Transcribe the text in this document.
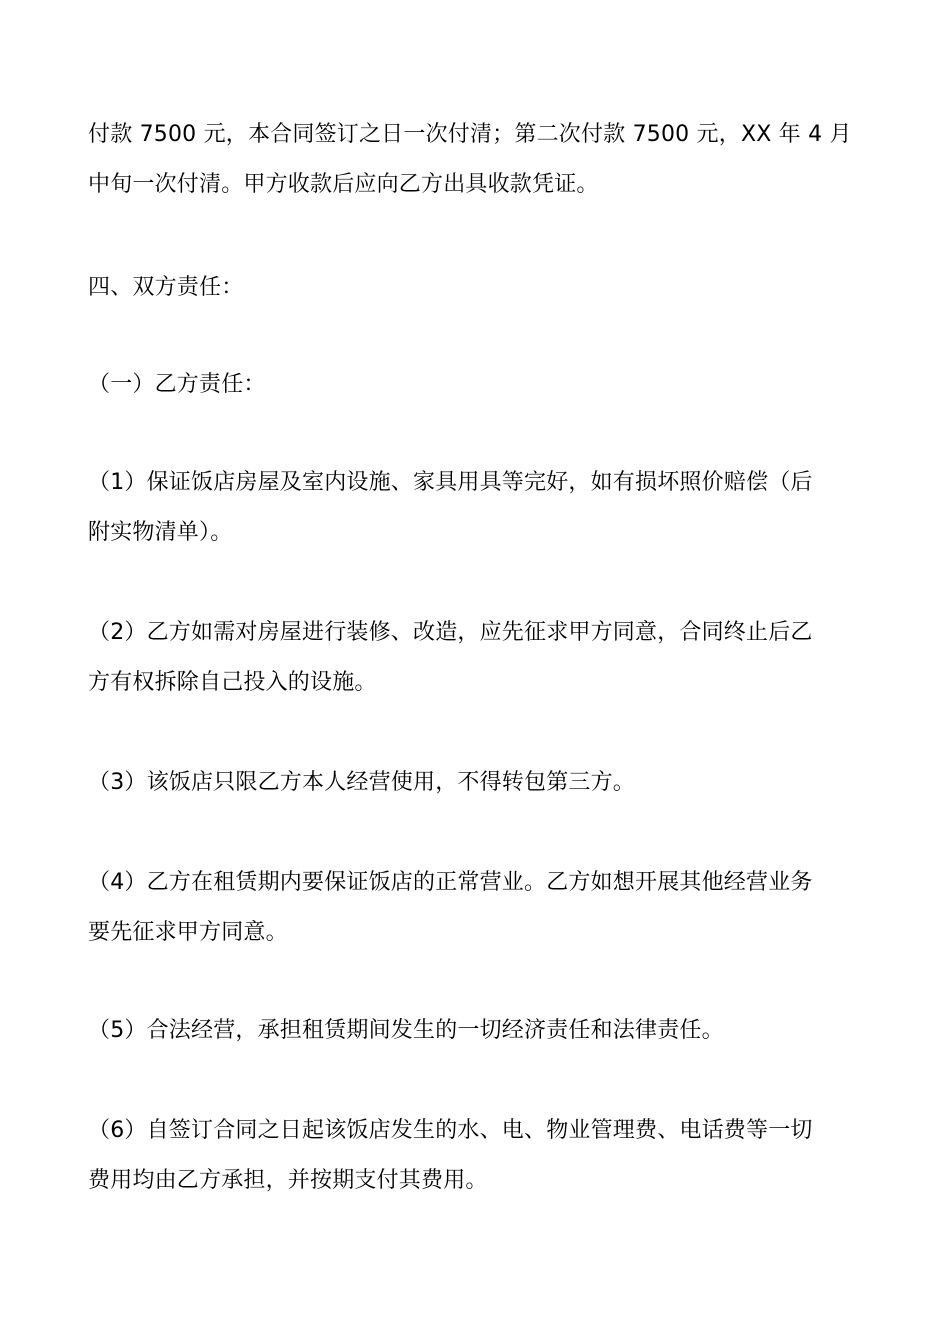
付款 7500 元，本合同签订之日一次付清；第二次付款 7500 元，XX 年 4 月
中旬一次付清。甲方收款后应向乙方出具收款凭证。
四、双方责任：
（一）乙方责任：
（1）保证饭店房屋及室内设施、家具用具等完好，如有损坏照价赔偿（后
附实物清单）。
（2）乙方如需对房屋进行装修、改造，应先征求甲方同意，合同终止后乙
方有权拆除自己投入的设施。
（3）该饭店只限乙方本人经营使用，不得转包第三方。
（4）乙方在租赁期内要保证饭店的正常营业。乙方如想开展其他经营业务
要先征求甲方同意。
（5）合法经营，承担租赁期间发生的一切经济责任和法律责任。
（6）自签订合同之日起该饭店发生的水、电、物业管理费、电话费等一切
费用均由乙方承担，并按期支付其费用。
